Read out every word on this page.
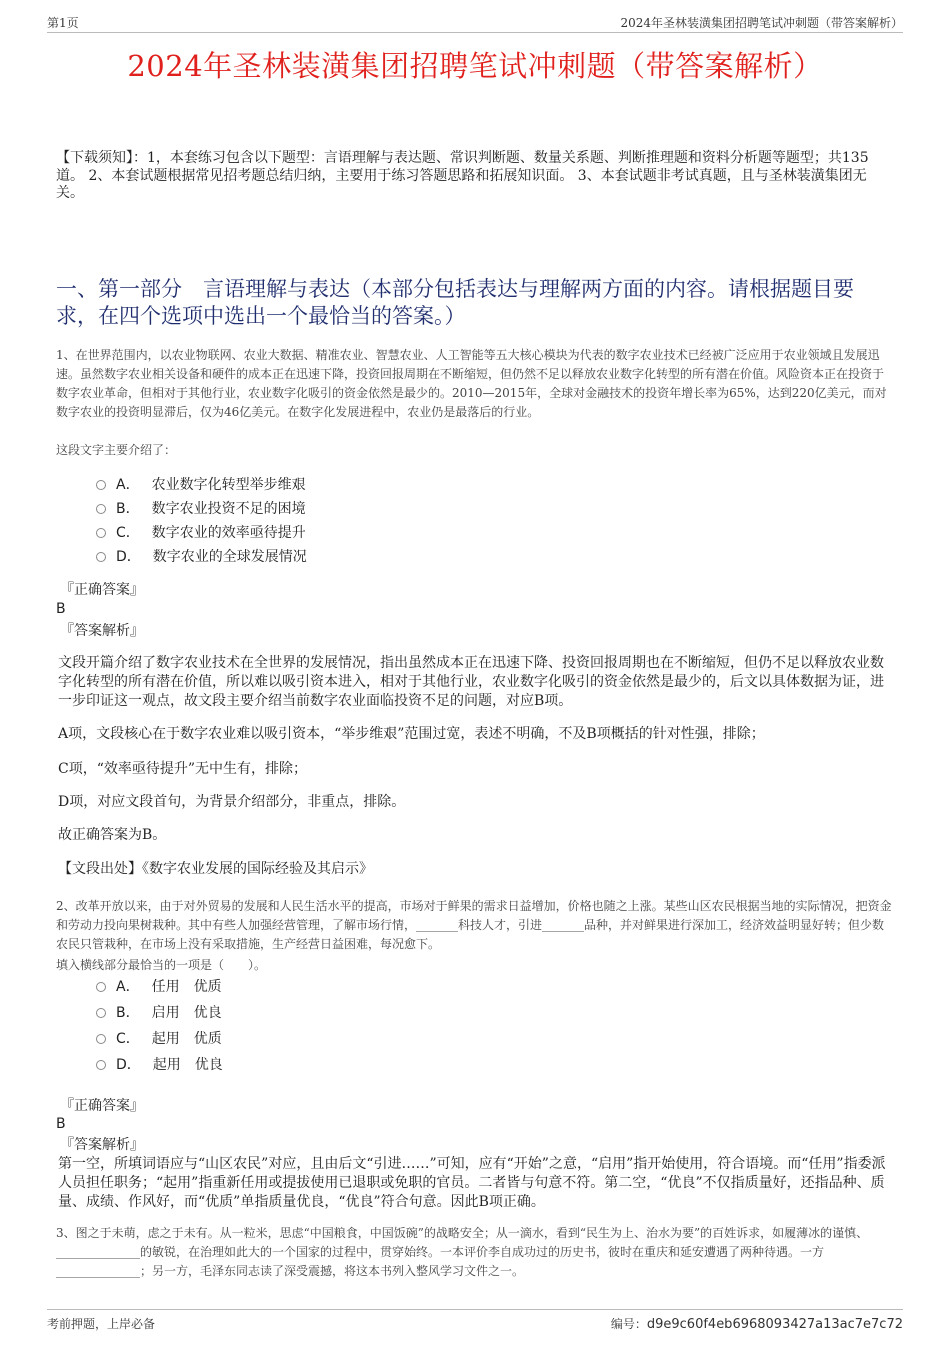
第1页	2024年圣林装潢集团招聘笔试冲刺题（带答案解析）
2024年圣林装潢集团招聘笔试冲刺题（带答案解析）
【下载须知】：1，本套练习包含以下题型：言语理解与表达题、常识判断题、数量关系题、判断推理题和资料分析题等题型；共135道。 2、本套试题根据常见招考题总结归纳，主要用于练习答题思路和拓展知识面。 3、本套试题非考试真题，且与圣林装潢集团无关。
一、第一部分　言语理解与表达（本部分包括表达与理解两方面的内容。请根据题目要求，在四个选项中选出一个最恰当的答案。）
1、在世界范围内，以农业物联网、农业大数据、精准农业、智慧农业、人工智能等五大核心模块为代表的数字农业技术已经被广泛应用于农业领域且发展迅速。虽然数字农业相关设备和硬件的成本正在迅速下降，投资回报周期在不断缩短，但仍然不足以释放农业数字化转型的所有潜在价值。风险资本正在投资于数字农业革命，但相对于其他行业，农业数字化吸引的资金依然是最少的。2010—2015年，全球对金融技术的投资年增长率为65%，达到220亿美元，而对数字农业的投资明显滞后，仅为46亿美元。在数字化发展进程中，农业仍是最落后的行业。
这段文字主要介绍了：
A． 农业数字化转型举步维艰
B． 数字农业投资不足的困境
C． 数字农业的效率亟待提升
D． 数字农业的全球发展情况
『正确答案』
B
『答案解析』
文段开篇介绍了数字农业技术在全世界的发展情况，指出虽然成本正在迅速下降、投资回报周期也在不断缩短，但仍不足以释放农业数字化转型的所有潜在价值，所以难以吸引资本进入，相对于其他行业，农业数字化吸引的资金依然是最少的，后文以具体数据为证，进一步印证这一观点，故文段主要介绍当前数字农业面临投资不足的问题，对应B项。
A项，文段核心在于数字农业难以吸引资本，“举步维艰”范围过宽，表述不明确，不及B项概括的针对性强，排除；
C项，“效率亟待提升”无中生有，排除；
D项，对应文段首句，为背景介绍部分，非重点，排除。
故正确答案为B。
【文段出处】《数字农业发展的国际经验及其启示》
2、改革开放以来，由于对外贸易的发展和人民生活水平的提高，市场对于鲜果的需求日益增加，价格也随之上涨。某些山区农民根据当地的实际情况，把资金和劳动力投向果树栽种。其中有些人加强经营管理，了解市场行情，_______科技人才，引进_______品种，并对鲜果进行深加工，经济效益明显好转；但少数农民只管栽种，在市场上没有采取措施，生产经营日益困难，每况愈下。
填入横线部分最恰当的一项是（　　）。
A． 任用　优质
B． 启用　优良
C． 起用　优质
D． 起用　优良
『正确答案』
B
『答案解析』
第一空，所填词语应与“山区农民”对应，且由后文“引进……”可知，应有“开始”之意，“启用”指开始使用，符合语境。而“任用”指委派人员担任职务；“起用”指重新任用或提拔使用已退职或免职的官员。二者皆与句意不符。第二空，“优良”不仅指质量好，还指品种、质量、成绩、作风好，而“优质”单指质量优良，“优良”符合句意。因此B项正确。
3、图之于未萌，虑之于未有。从一粒米，思虑“中国粮食，中国饭碗”的战略安全；从一滴水，看到“民生为上、治水为要”的百姓诉求，如履薄冰的谨慎、______________的敏锐，在治理如此大的一个国家的过程中，贯穿始终。一本评价李自成功过的历史书，彼时在重庆和延安遭遇了两种待遇。一方______________；另一方，毛泽东同志读了深受震撼，将这本书列入整风学习文件之一。
考前押题，上岸必备	编号：d9e9c60f4eb6968093427a13ac7e7c72
